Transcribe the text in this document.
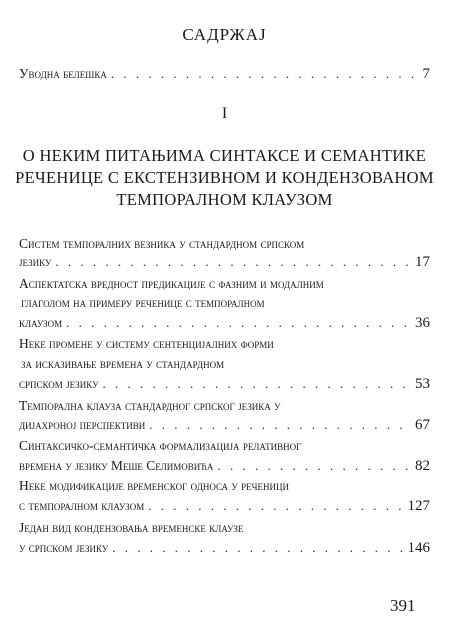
САДРЖАЈ
Уводна белешка . . .	7
I
О НЕКИМ ПИТАЊИМА СИНТАКСЕ И СЕМАНТИКЕ
РЕЧЕНИЦЕ С ЕКСТЕНЗИВНОМ И КОНДЕНЗОВАНОМ
ТЕМПОРАЛНОМ КЛАУЗОМ
Систем темпоралних везника у стандардном српском
језику . . .	17
Аспектатска вредност предикације с фазним и модалним
глаголом на примеру реченице с темпоралном
клаузом . . .	36
Неке промене у систему сентенцијалних форми
за исказивање времена у стандардном
српском језику . . .	53
Темпорална клауза стандардног српског језика у
дијахроној перспективи . . .	67
Синтаксичко-семантичка формализација релативног
времена у језику Меше Селимовића . . .	82
Неке модификације временског односа у реченици
с темпоралном клаузом . . .	127
Један вид кондензовања временске клаузе
у српском језику . . .	146
391
